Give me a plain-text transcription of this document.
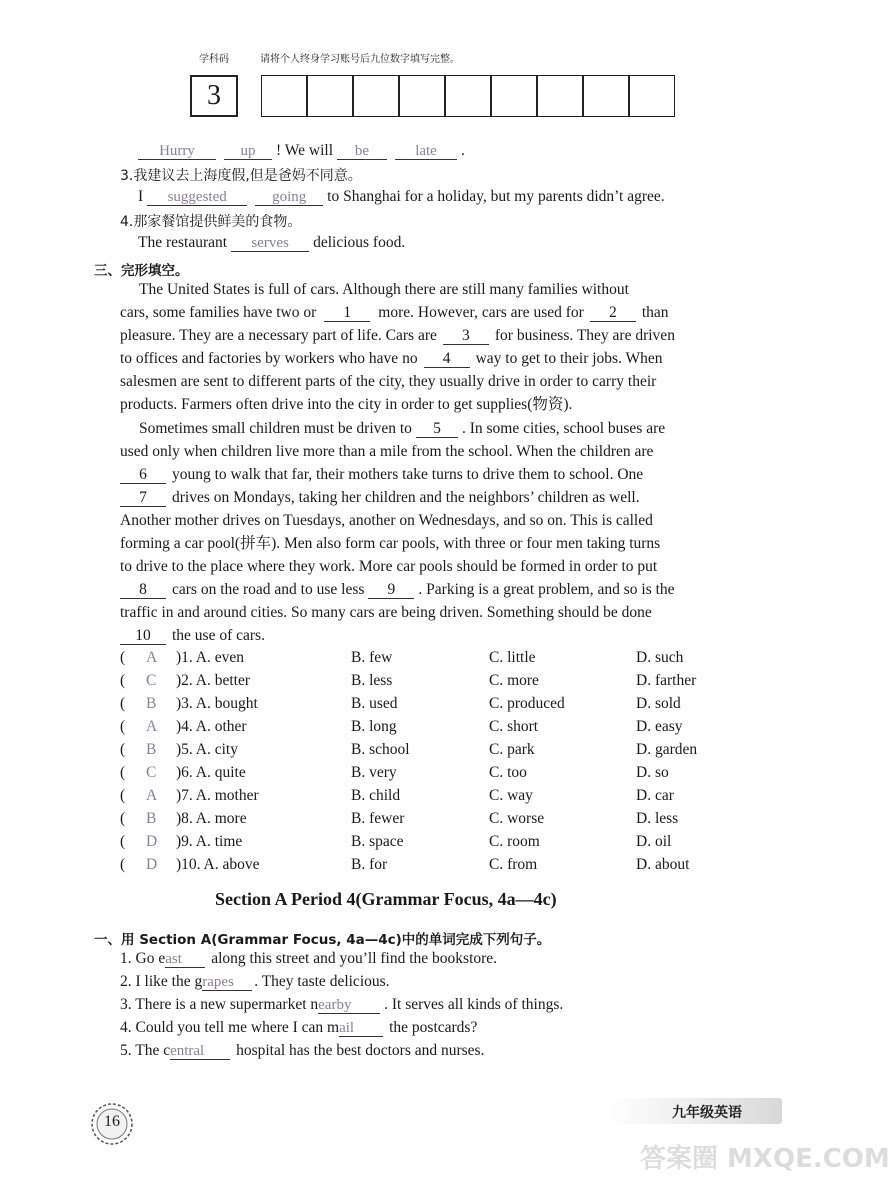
学科码	请将个人终身学习账号后九位数字填写完整。
3
Hurry	up ! We will be	late .
3.我建议去上海度假,但是爸妈不同意。
I suggested	going to Shanghai for a holiday, but my parents didn’t agree.
4.那家餐馆提供鲜美的食物。
The restaurant serves delicious food.
三、完形填空。
The United States is full of cars. Although there are still many families without
cars, some families have two or 1 more. However, cars are used for 2 than
pleasure. They are a necessary part of life. Cars are 3 for business. They are driven
to offices and factories by workers who have no 4 way to get to their jobs. When
salesmen are sent to different parts of the city, they usually drive in order to carry their
products. Farmers often drive into the city in order to get supplies(物资).
Sometimes small children must be driven to 5 . In some cities, school buses are
used only when children live more than a mile from the school. When the children are
6 young to walk that far, their mothers take turns to drive them to school. One
7 drives on Mondays, taking her children and the neighbors’ children as well.
Another mother drives on Tuesdays, another on Wednesdays, and so on. This is called
forming a car pool(拼车). Men also form car pools, with three or four men taking turns
to drive to the place where they work. More car pools should be formed in order to put
8 cars on the road and to use less 9 . Parking is a great problem, and so is the
traffic in and around cities. So many cars are being driven. Something should be done
10 the use of cars.
( A )1. A. even	B. few	C. little	D. such
( C )2. A. better	B. less	C. more	D. farther
( B )3. A. bought	B. used	C. produced	D. sold
( A )4. A. other	B. long	C. short	D. easy
( B )5. A. city	B. school	C. park	D. garden
( C )6. A. quite	B. very	C. too	D. so
( A )7. A. mother	B. child	C. way	D. car
( B )8. A. more	B. fewer	C. worse	D. less
( D )9. A. time	B. space	C. room	D. oil
( D )10. A. above	B. for	C. from	D. about
Section A Period 4(Grammar Focus, 4a—4c)
一、用 Section A(Grammar Focus, 4a—4c)中的单词完成下列句子。
1. Go east along this street and you’ll find the bookstore.
2. I like the grapes . They taste delicious.
3. There is a new supermarket nearby . It serves all kinds of things.
4. Could you tell me where I can mail the postcards?
5. The central hospital has the best doctors and nurses.
16	九年级英语
答案圈 MXQE.COM
